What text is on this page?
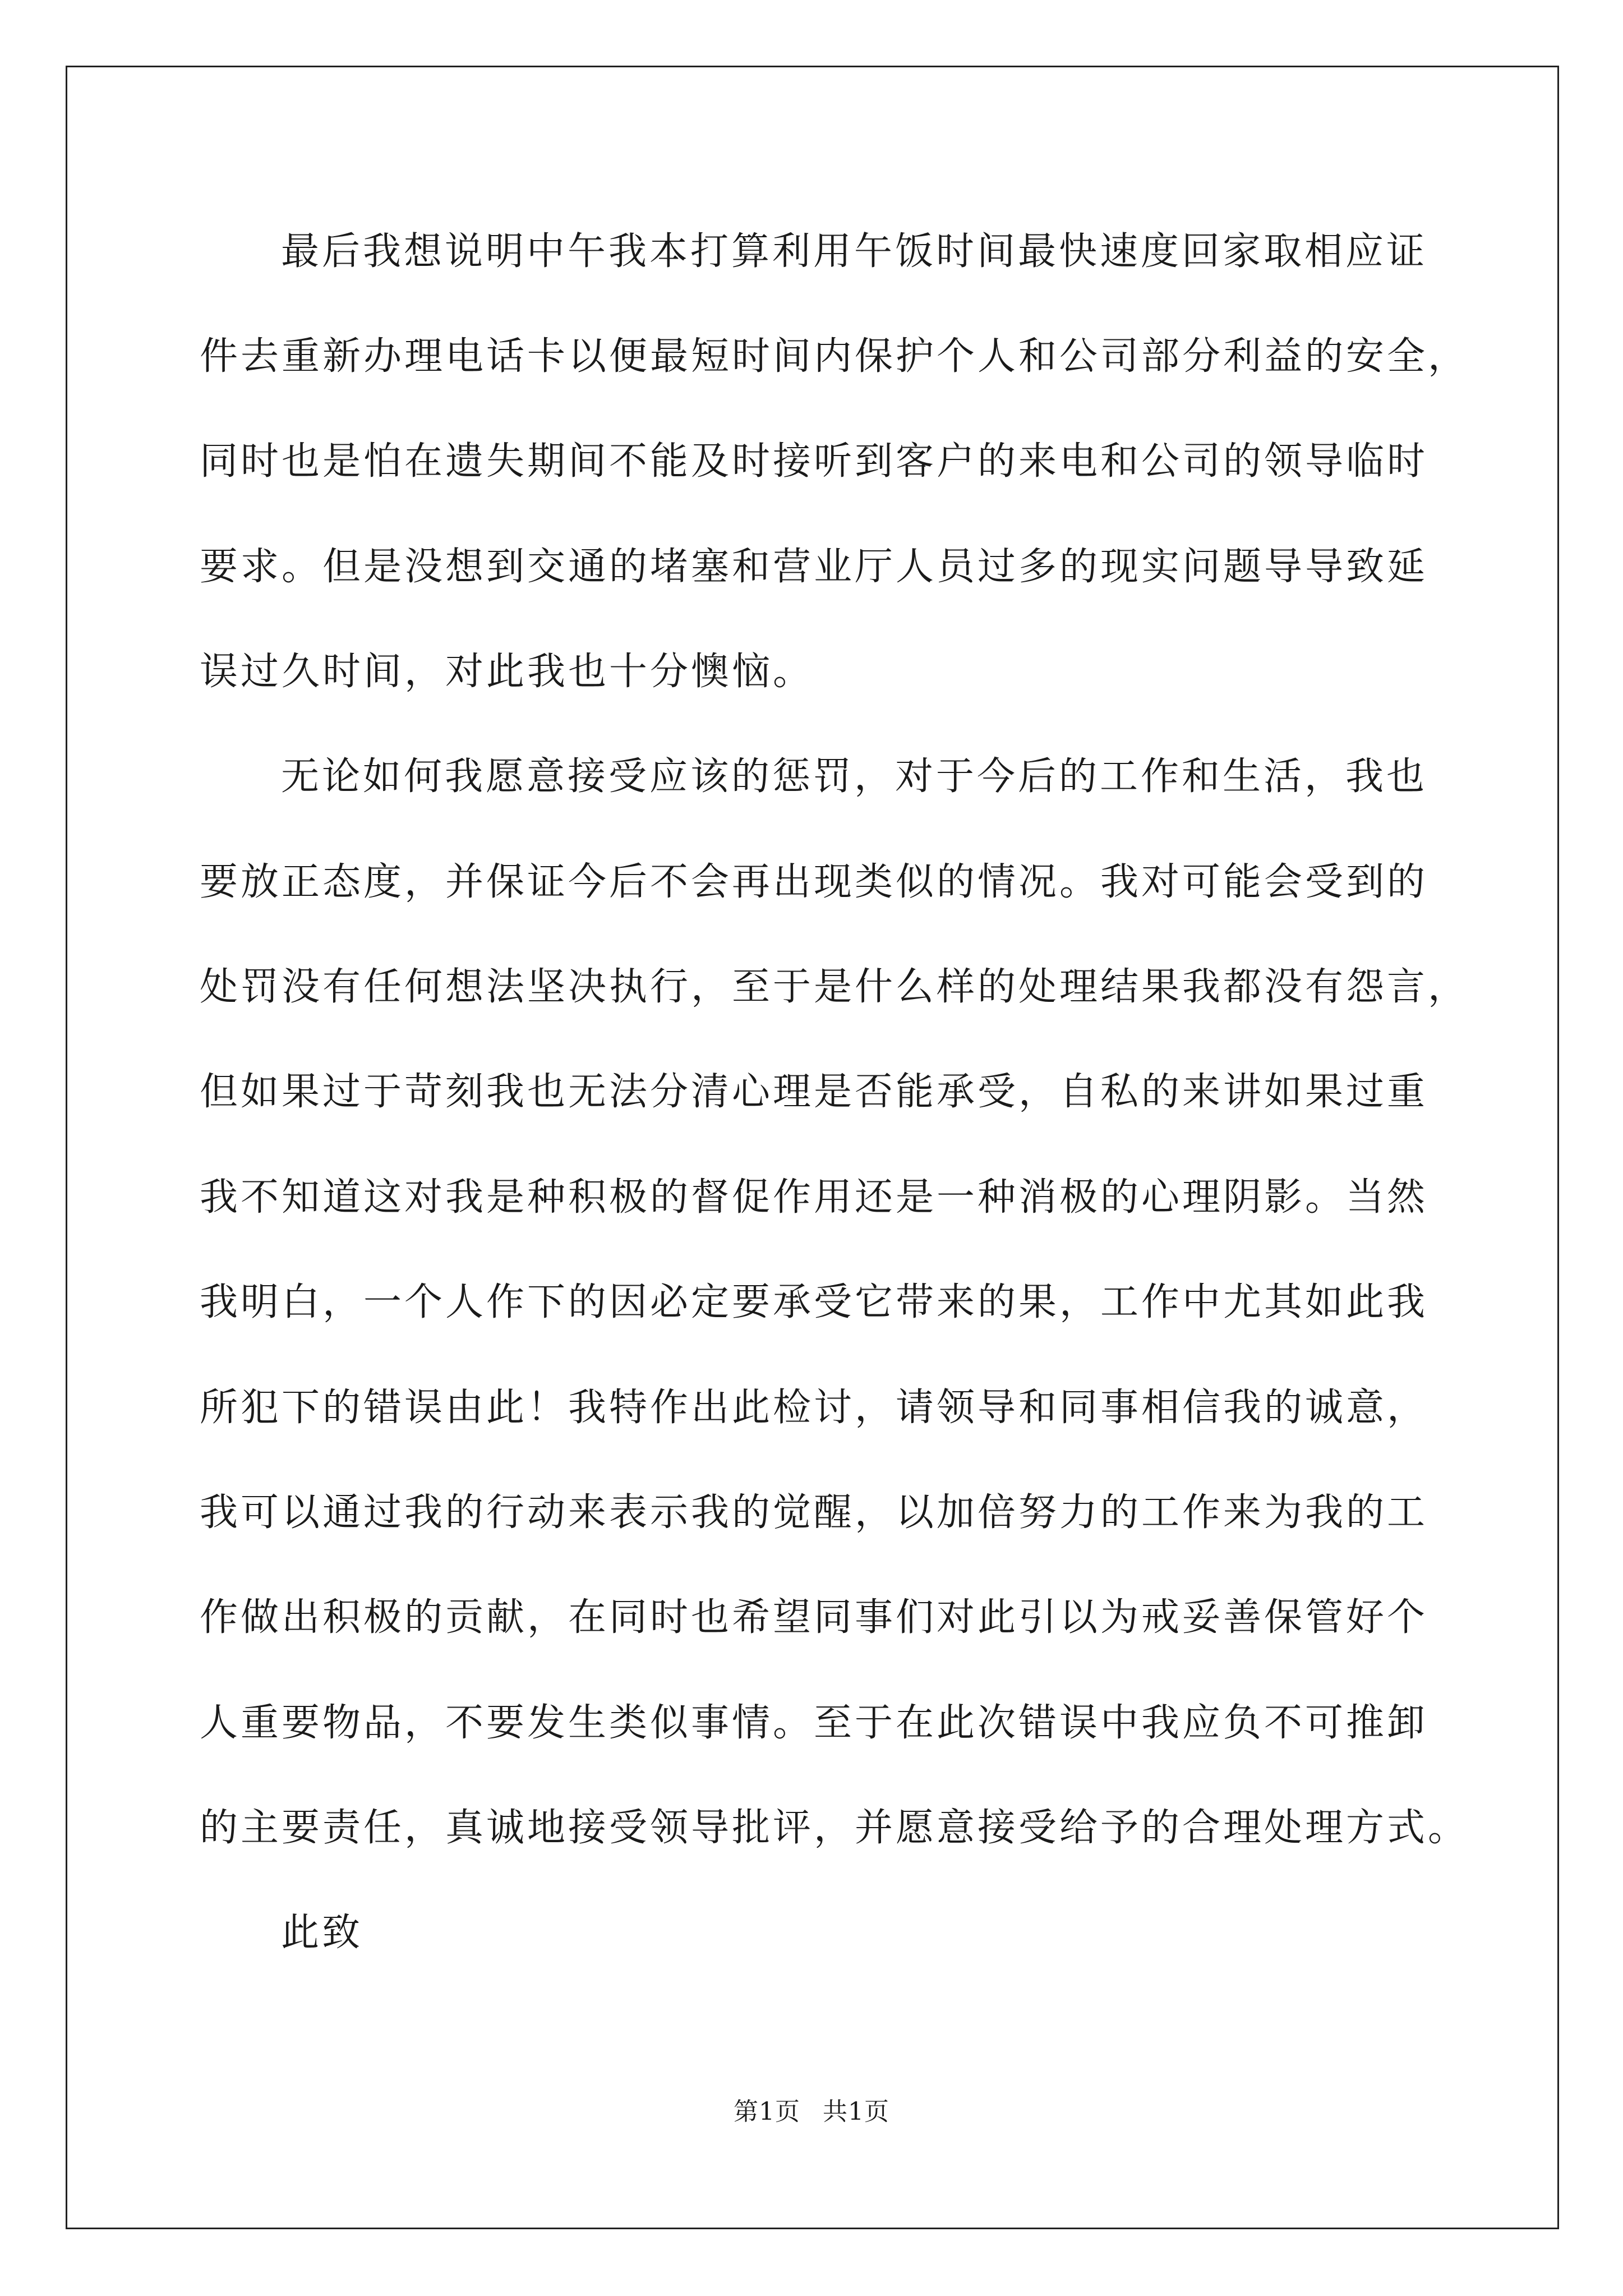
最后我想说明中午我本打算利用午饭时间最快速度回家取相应证
件去重新办理电话卡以便最短时间内保护个人和公司部分利益的安全，
同时也是怕在遗失期间不能及时接听到客户的来电和公司的领导临时
要求。但是没想到交通的堵塞和营业厅人员过多的现实问题导导致延
误过久时间，对此我也十分懊恼。
无论如何我愿意接受应该的惩罚，对于今后的工作和生活，我也
要放正态度，并保证今后不会再出现类似的情况。我对可能会受到的
处罚没有任何想法坚决执行，至于是什么样的处理结果我都没有怨言，
但如果过于苛刻我也无法分清心理是否能承受，自私的来讲如果过重
我不知道这对我是种积极的督促作用还是一种消极的心理阴影。当然
我明白，一个人作下的因必定要承受它带来的果，工作中尤其如此我
所犯下的错误由此！我特作出此检讨，请领导和同事相信我的诚意，
我可以通过我的行动来表示我的觉醒，以加倍努力的工作来为我的工
作做出积极的贡献，在同时也希望同事们对此引以为戒妥善保管好个
人重要物品，不要发生类似事情。至于在此次错误中我应负不可推卸
的主要责任，真诚地接受领导批评，并愿意接受给予的合理处理方式。
此致
第1页 共1页
